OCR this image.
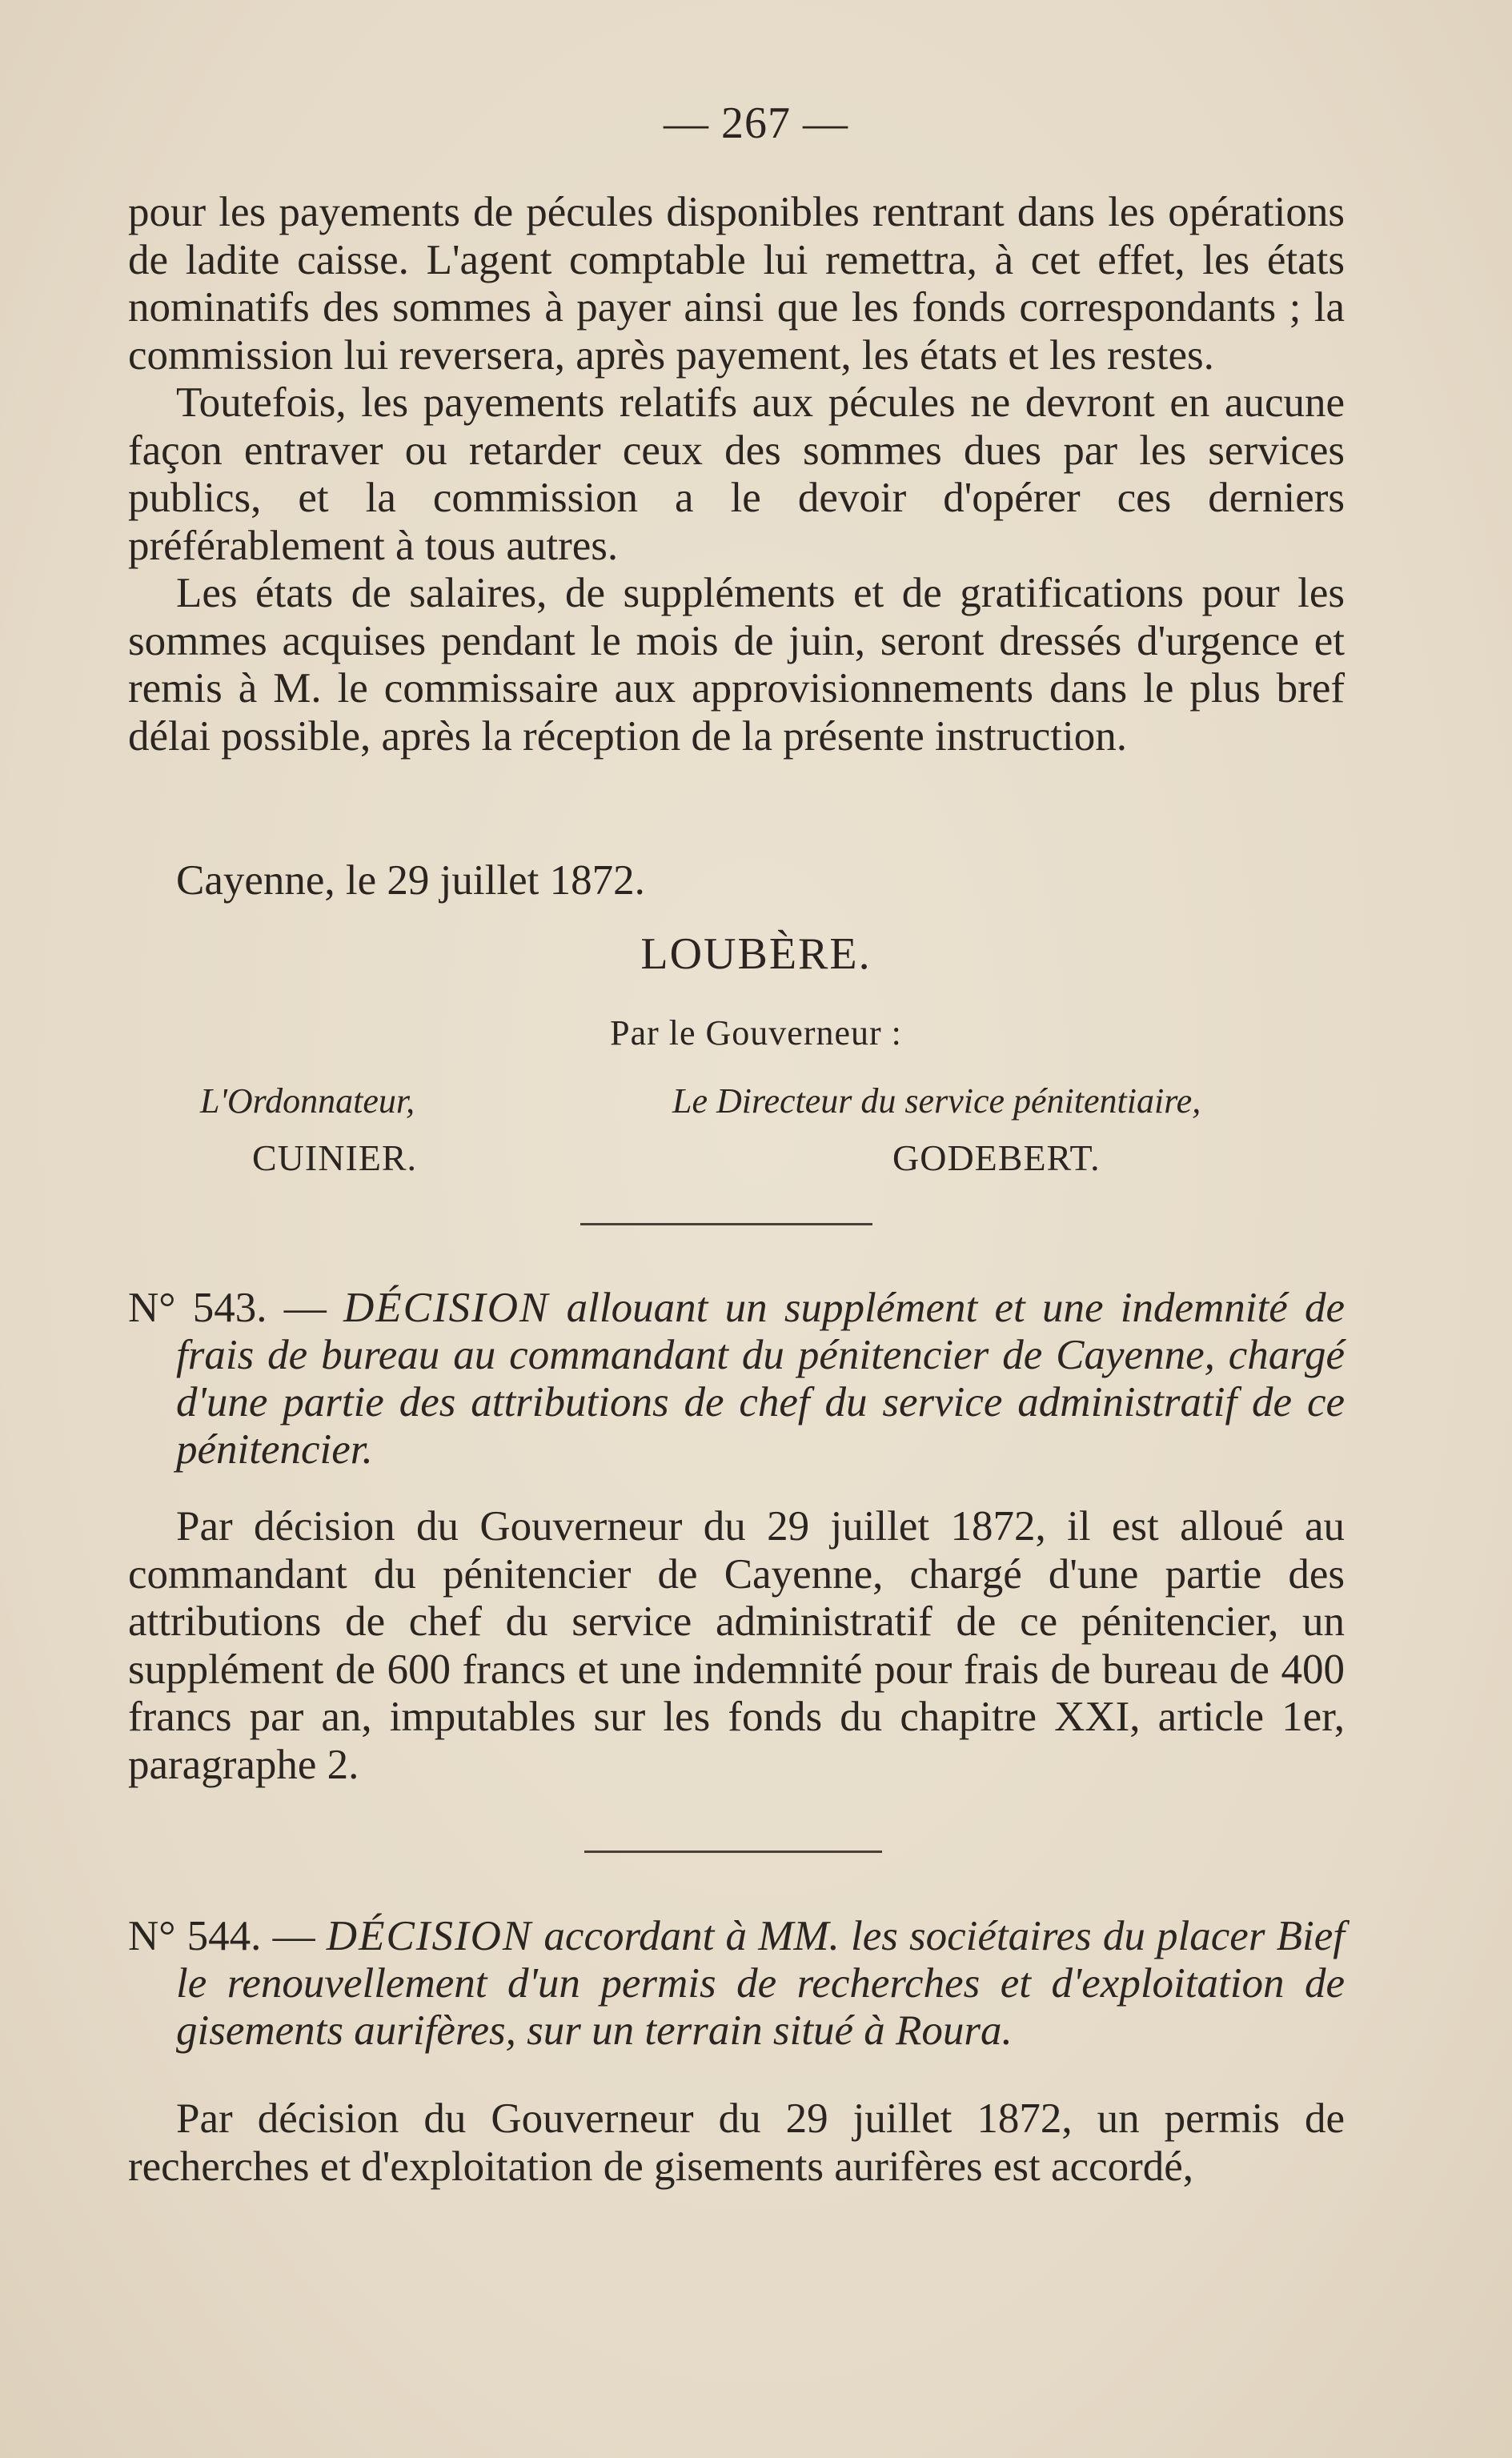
— 267 —

pour les payements de pécules disponibles rentrant dans les opérations de ladite caisse. L'agent comptable lui remettra, à cet effet, les états nominatifs des sommes à payer ainsi que les fonds correspondants ; la commission lui reversera, après payement, les états et les restes.

Toutefois, les payements relatifs aux pécules ne devront en aucune façon entraver ou retarder ceux des sommes dues par les services publics, et la commission a le devoir d'opérer ces derniers préférablement à tous autres.

Les états de salaires, de suppléments et de gratifications pour les sommes acquises pendant le mois de juin, seront dressés d'urgence et remis à M. le commissaire aux approvisionnements dans le plus bref délai possible, après la réception de la présente instruction.

Cayenne, le 29 juillet 1872.
LOUBÈRE.
Par le Gouverneur :
L'Ordonnateur,
CUINIER.
Le Directeur du service pénitentiaire,
GODEBERT.
N° 543. — DÉCISION allouant un supplément et une indemnité de frais de bureau au commandant du pénitencier de Cayenne, chargé d'une partie des attributions de chef du service administratif de ce pénitencier.

Par décision du Gouverneur du 29 juillet 1872, il est alloué au commandant du pénitencier de Cayenne, chargé d'une partie des attributions de chef du service administratif de ce pénitencier, un supplément de 600 francs et une indemnité pour frais de bureau de 400 francs par an, imputables sur les fonds du chapitre XXI, article 1er, paragraphe 2.

N° 544. — DÉCISION accordant à MM. les sociétaires du placer Bief le renouvellement d'un permis de recherches et d'exploitation de gisements aurifères, sur un terrain situé à Roura.

Par décision du Gouverneur du 29 juillet 1872, un permis de recherches et d'exploitation de gisements aurifères est accordé,
